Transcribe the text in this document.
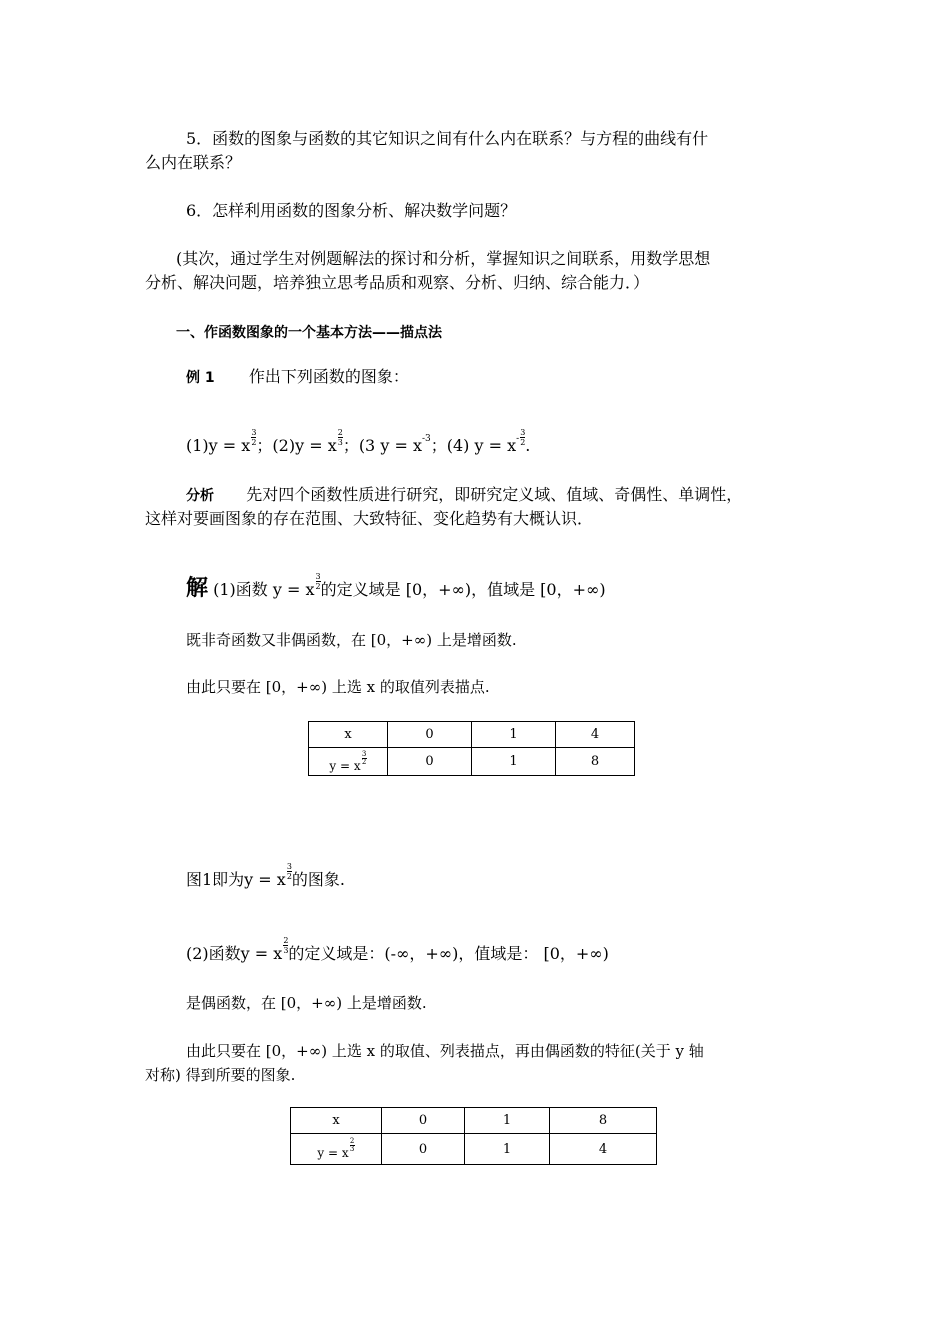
5．函数的图象与函数的其它知识之间有什么内在联系？与方程的曲线有什
么内在联系？
6．怎样利用函数的图象分析、解决数学问题？
(其次，通过学生对例题解法的探讨和分析，掌握知识之间联系，用数学思想
分析、解决问题，培养独立思考品质和观察、分析、归纳、综合能力．）
一、作函数图象的一个基本方法——描点法
例 1 作出下列函数的图象：
(1)y = x $\frac{3}{2}$ ；(2)y = x $\frac{2}{3}$ ；(3 $y = x^{-3}$；(4) $y = x^- \frac{3}{2}$ .
分析 先对四个函数性质进行研究，即研究定义域、值域、奇偶性、单调性，
这样对要画图象的存在范围、大致特征、变化趋势有大概认识．
解 (1)函数 y = x $\frac{3}{2}$ 的定义域是 [0，+∞)，值域是 [0，+∞)
既非奇函数又非偶函数，在 [0，+∞) 上是增函数.
由此只要在 [0，+∞) 上选 x 的取值列表描点.
x	0	1	4
y = x $\frac{3}{2}$	0	1	8
图1即为y = x $\frac{3}{2}$ 的图象.
(2)函数y = x $\frac{2}{3}$ 的定义域是：(-∞，+∞)，值域是： [0，+∞)
是偶函数，在 [0，+∞) 上是增函数.
由此只要在 [0，+∞) 上选 x 的取值、列表描点，再由偶函数的特征(关于 y 轴
对称) 得到所要的图象.
x	0	1	8
y = x $\frac{2}{3}$	0	1	4
